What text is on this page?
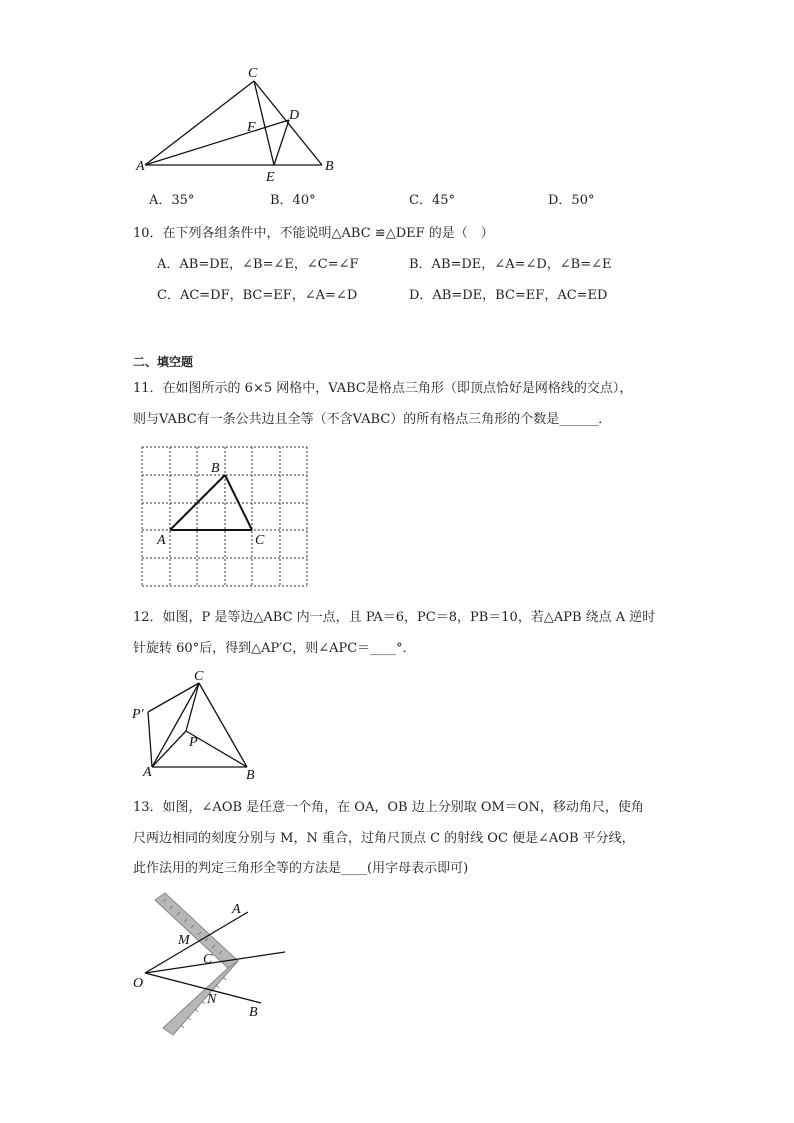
C
D
F
A
E
B
A．35°	B．40°	C．45°	D．50°
10．在下列各组条件中，不能说明△ABC ≌△DEF 的是（　）
A．AB=DE，∠B=∠E，∠C=∠F	B．AB=DE，∠A=∠D，∠B=∠E
C．AC=DF，BC=EF，∠A=∠D	D．AB=DE，BC=EF，AC=ED
二、填空题
11．在如图所示的 6×5 网格中，VABC是格点三角形（即顶点恰好是网格线的交点），
则与VABC有一条公共边且全等（不含VABC）的所有格点三角形的个数是______．
A
B
C
12．如图，P 是等边△ABC 内一点，且 PA＝6，PC＝8，PB＝10，若△APB 绕点 A 逆时
针旋转 60°后，得到△AP′C，则∠APC＝____°．
C
P′
P
A	B
13．如图，∠AOB 是任意一个角，在 OA，OB 边上分别取 OM＝ON，移动角尺，使角
尺两边相同的刻度分别与 M，N 重合，过角尺顶点 C 的射线 OC 便是∠AOB 平分线，
此作法用的判定三角形全等的方法是____(用字母表示即可)
A
M
C
O
N
B
